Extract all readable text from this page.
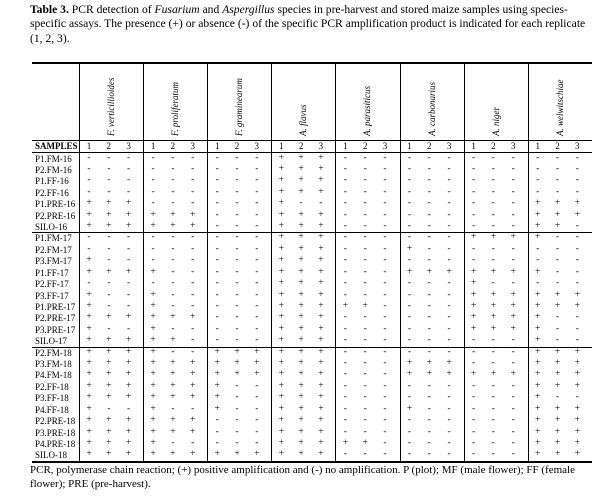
Table 3. PCR detection of Fusarium and Aspergillus species in pre-harvest and stored maize samples using species-specific assays. The presence (+) or absence (-) of the specific PCR amplification product is indicated for each replicate (1, 2, 3).
F. verticillioides	F. proliferatum	F. graminearum	A. flavus	A. parasiticus	A. carbonarius	A. niger	A. welwitschiae
SAMPLES	1	2	3	1	2	3	1	2	3	1	2	3	1	2	3	1	2	3	1	2	3	1	2	3
P1.FM-16	-	-	-	-	-	-	-	-	-	+	+	+	-	-	-	-	-	-	-	-	-	-	-	-
P2.FM-16	-	-	-	-	-	-	-	-	-	+	+	+	-	-	-	-	-	-	-	-	-	-	-	-
P1.FF-16	-	-	-	-	-	-	-	-	-	+	+	+	-	-	-	-	-	-	-	-	-	-	-	-
P2.FF-16	-	-	-	-	-	-	-	-	-	+	+	+	-	-	-	-	-	-	-	-	-	-	-	-
P1.PRE-16	+	+	+	-	-	-	-	-	-	+	-	-	-	-	-	-	-	-	-	-	-	+	+	+
P2.PRE-16	+	+	+	+	+	+	-	-	-	+	+	+	-	-	-	-	-	-	-	-	-	+	+	+
SILO-16	+	+	+	+	+	+	-	-	-	+	+	+	-	-	-	-	-	-	-	-	-	+	+	-
P1.FM-17	-	-	-	-	-	-	-	-	-	+	+	+	-	-	-	-	-	-	+	+	+	+	-	-
P2.FM-17	-	-	-	-	-	-	-	-	-	+	+	+	-	-	-	+	-	-	-	-	-	-	-	-
P3.FM-17	+	-	-	-	-	-	-	-	-	+	+	+	-	-	-	-	-	-	-	-	-	-	-	-
P1.FF-17	+	+	+	+	-	-	-	-	-	+	+	+	-	-	-	+	+	+	+	+	+	+	-	-
P2.FF-17	-	-	-	-	-	-	-	-	-	+	+	+	-	-	-	-	-	-	+	-	-	-	-	-
P3.FF-17	+	-	-	+	-	-	-	-	-	+	+	+	-	-	-	-	-	-	+	+	+	+	+	+
P1.PRE-17	+	-	-	+	-	-	-	-	-	+	+	+	+	+	-	-	-	-	+	+	+	+	+	+
P2.PRE-17	+	+	+	+	+	+	-	-	-	+	+	+	-	-	-	-	-	-	+	+	+	+	-	-
P3.PRE-17	+	-	-	+	-	-	-	-	-	+	+	+	-	-	-	-	-	-	+	+	+	+	-	-
SILO-17	+	+	+	+	+	-	-	-	-	+	+	+	-	-	-	-	-	-	-	-	-	+	-	-
P2.FM-18	+	+	+	+	-	-	+	+	+	+	+	+	-	-	-	-	-	-	-	-	-	+	+	+
P3.FM-18	+	+	+	+	+	+	+	+	+	+	+	+	-	-	-	+	+	+	-	-	-	+	+	+
P4.FM-18	+	+	+	+	+	+	+	+	+	+	+	+	-	-	-	+	+	+	+	+	+	+	+	+
P2.FF-18	+	+	+	+	+	+	+	-	-	+	+	+	-	-	-	-	-	-	-	-	-	+	+	+
P3.FF-18	+	+	+	+	+	+	+	-	-	+	+	+	-	-	-	-	-	-	-	-	-	+	-	-
P4.FF-18	+	-	-	+	-	-	+	-	-	+	+	+	-	-	-	+	-	-	-	-	-	+	+	+
P2.PRE-18	+	+	+	+	+	+	-	-	-	+	+	+	-	-	-	-	-	-	-	-	-	+	+	+
P3.PRE-18	+	+	+	+	+	+	-	-	-	+	+	+	-	-	-	-	-	-	-	-	-	+	+	+
P4.PRE-18	+	+	+	+	-	-	-	-	-	+	+	+	+	+	-	-	-	-	-	-	-	+	+	+
SILO-18	+	+	+	+	+	+	+	+	+	+	+	+	-	-	-	-	-	-	-	-	-	+	+	+
PCR, polymerase chain reaction; (+) positive amplification and (-) no amplification. P (plot); MF (male flower); FF (female flower); PRE (pre-harvest).
